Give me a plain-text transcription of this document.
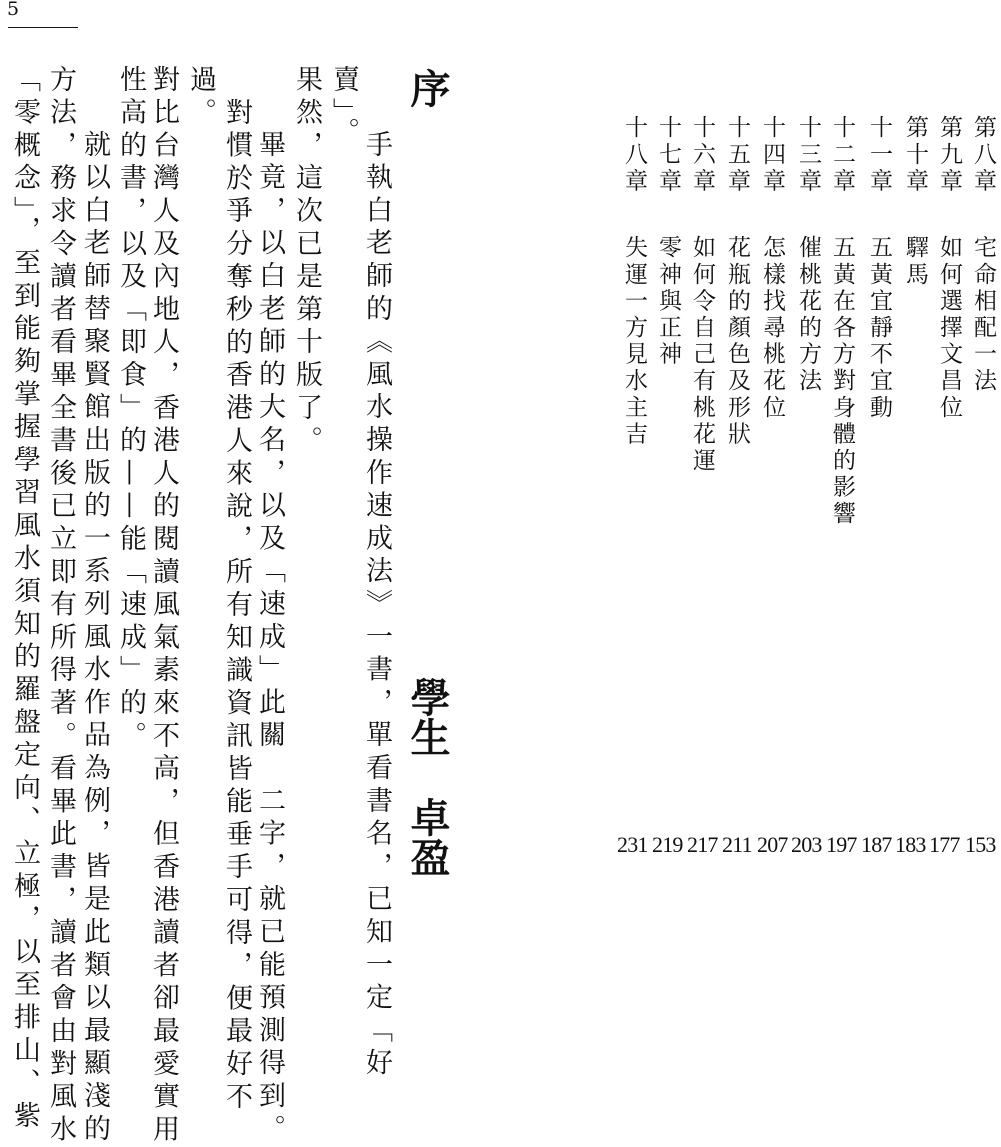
5
序
學生　卓盈
手執白老師的《風水操作速成法》一書，單看書名，已知一定「好
賣」。
果然，這次已是第十版了。
畢竟，以白老師的大名，以及「速成」此關　二字，就已能預測得到。
對慣於爭分奪秒的香港人來說，所有知識資訊皆能垂手可得，便最好不
過。
對比台灣人及內地人，香港人的閱讀風氣素來不高，但香港讀者卻最愛實用
性高的書，以及「即食」的——能「速成」的。
就以白老師替聚賢館出版的一系列風水作品為例，皆是此類以最顯淺的
方法，務求令讀者看畢全書後已立即有所得著。看畢此書，讀者會由對風水
「零概念」，至到能夠掌握學習風水須知的羅盤定向、立極，以至排山、紫	第八章
宅命相配一法
153
第九章
如何選擇文昌位
177
第十章
驛馬
183
十一章
五黃宜靜不宜動
187
十二章
五黃在各方對身體的影響
197
十三章
催桃花的方法
203
十四章
怎樣找尋桃花位
207
十五章
花瓶的顏色及形狀
211
十六章
如何令自己有桃花運
217
十七章
零神與正神
219
十八章
失運一方見水主吉
231
